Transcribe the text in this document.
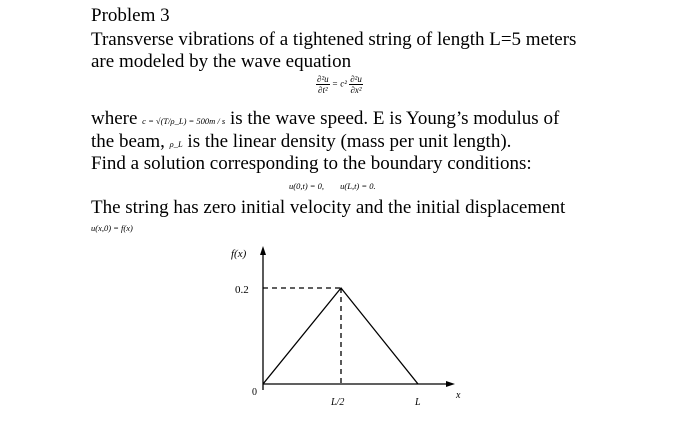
Problem 3
Transverse vibrations of a tightened string of length L=5 meters
are modeled by the wave equation
$\frac{\text{∂²u}}{\text{∂t²}} = c^2 \frac{\text{∂²u}}{\text{∂x²}}$
where c = √(T/ρ_L) = 500m / s is the wave speed. E is Young’s modulus of
the beam, ρ_L is the linear density (mass per unit length).
Find a solution corresponding to the boundary conditions:
u(0,t) = 0, u(L,t) = 0.
The string has zero initial velocity and the initial displacement
u(x,0) = f(x)
f(x)
0.2
0
L/2	L
x
